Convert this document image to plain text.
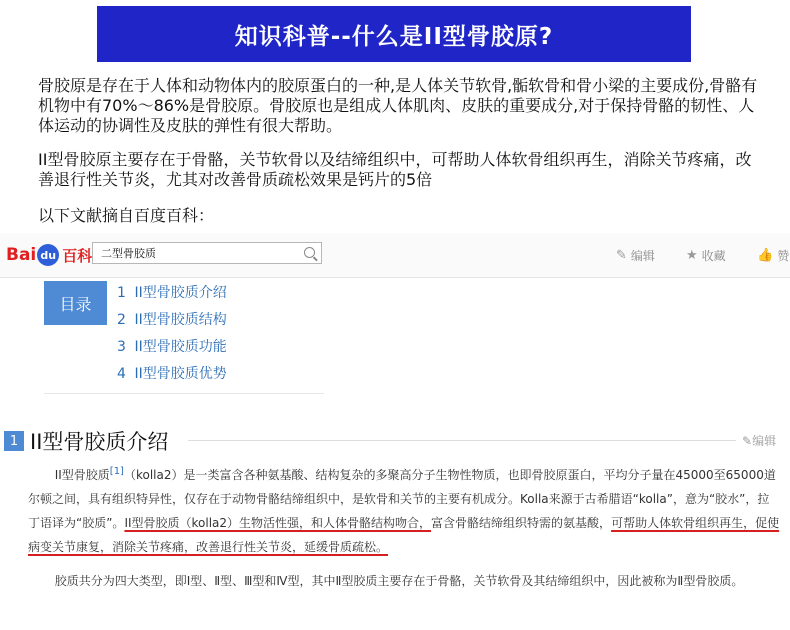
知识科普--什么是II型骨胶原?
骨胶原是存在于人体和动物体内的胶原蛋白的一种,是人体关节软骨,骺软骨和骨小梁的主要成份,骨骼有机物中有70%～86%是骨胶原。骨胶原也是组成人体肌肉、皮肤的重要成分,对于保持骨骼的韧性、人体运动的协调性及皮肤的弹性有很大帮助。
II型骨胶原主要存在于骨骼，关节软骨以及结缔组织中，可帮助人体软骨组织再生，消除关节疼痛，改善退行性关节炎，尤其对改善骨质疏松效果是钙片的5倍
以下文献摘自百度百科：
Bai du 百科 二型骨胶质	✎ 编辑 ★ 收藏 👍 赞
目录
1 II型骨胶质介绍
2 II型骨胶质结构
3 II型骨胶质功能
4 II型骨胶质优势
1 II型骨胶质介绍	✎编辑
II型骨胶质[1]（kolla2）是一类富含各种氨基酸、结构复杂的多聚高分子生物性物质，也即骨胶原蛋白，平均分子量在45000至65000道尔顿之间，具有组织特异性，仅存在于动物骨骼结缔组织中，是软骨和关节的主要有机成分。Kolla来源于古希腊语“kolla”，意为“胶水”，拉丁语译为“胶质”。II型骨胶质（kolla2）生物活性强，和人体骨骼结构吻合，富含骨骼结缔组织特需的氨基酸，可帮助人体软骨组织再生，促使病变关节康复，消除关节疼痛，改善退行性关节炎，延缓骨质疏松。
胶质共分为四大类型，即Ⅰ型、Ⅱ型、Ⅲ型和Ⅳ型，其中Ⅱ型胶质主要存在于骨骼，关节软骨及其结缔组织中，因此被称为Ⅱ型骨胶质。
